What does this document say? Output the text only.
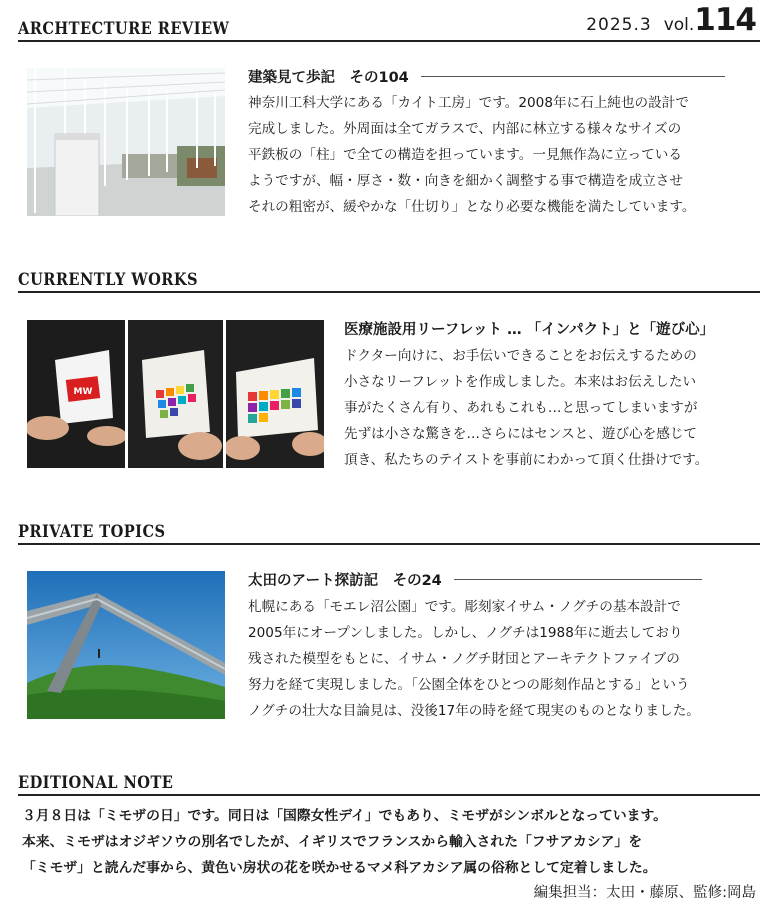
ARCHTECTURE REVIEW	2025.3 vol.114
建築見て歩記　その104
神奈川工科大学にある「カイト工房」です。2008年に石上純也の設計で
完成しました。外周面は全てガラスで、内部に林立する様々なサイズの
平鉄板の「柱」で全ての構造を担っています。一見無作為に立っている
ようですが、幅・厚さ・数・向きを細かく調整する事で構造を成立させ
それの粗密が、緩やかな「仕切り」となり必要な機能を満たしています。
CURRENTLY WORKS
MW
医療施設用リーフレット … 「インパクト」と「遊び心」
ドクター向けに、お手伝いできることをお伝えするための
小さなリーフレットを作成しました。本来はお伝えしたい
事がたくさん有り、あれもこれも…と思ってしまいますが
先ずは小さな驚きを…さらにはセンスと、遊び心を感じて
頂き、私たちのテイストを事前にわかって頂く仕掛けです。
PRIVATE TOPICS
太田のアート探訪記　その24
札幌にある「モエレ沼公園」です。彫刻家イサム・ノグチの基本設計で
2005年にオープンしました。しかし、ノグチは1988年に逝去しており
残された模型をもとに、イサム・ノグチ財団とアーキテクトファイブの
努力を経て実現しました。「公園全体をひとつの彫刻作品とする」という
ノグチの壮大な目論見は、没後17年の時を経て現実のものとなりました。
EDITIONAL NOTE
３月８日は「ミモザの日」です。同日は「国際女性デイ」でもあり、ミモザがシンボルとなっています。
本来、ミモザはオジギソウの別名でしたが、イギリスでフランスから輸入された「フサアカシア」を
「ミモザ」と読んだ事から、黄色い房状の花を咲かせるマメ科アカシア属の俗称として定着しました。
編集担当：太田・藤原、監修:岡島
